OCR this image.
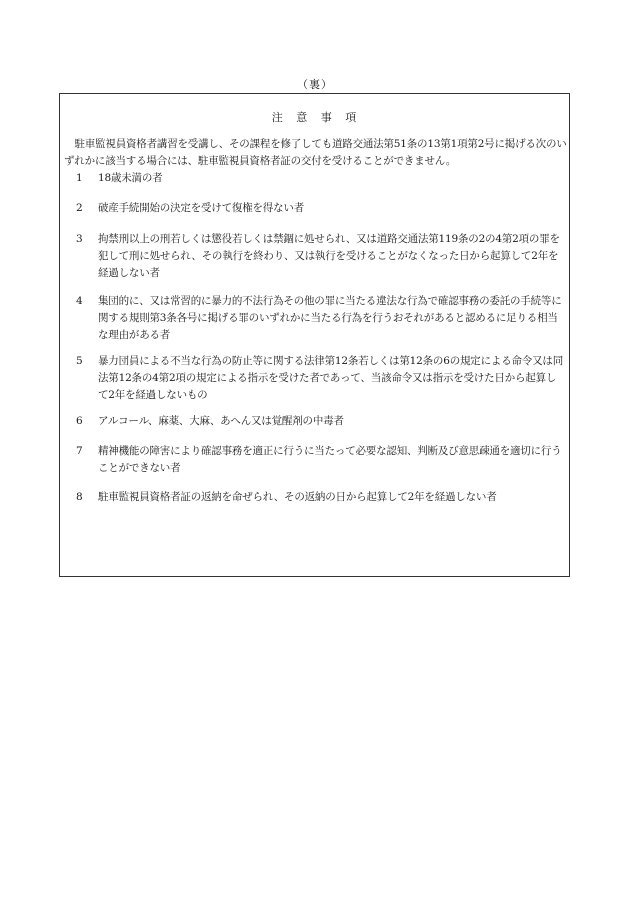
（裏）
注 意 事 項

駐車監視員資格者講習を受講し、その課程を修了しても道路交通法第51条の13第1項第2号に掲げる次のいずれかに該当する場合には、駐車監視員資格者証の交付を受けることができません。

1	18歳未満の者
2	破産手続開始の決定を受けて復権を得ない者
3	拘禁刑以上の刑若しくは懲役若しくは禁錮に処せられ、又は道路交通法第119条の2の4第2項の罪を犯して刑に処せられ、その執行を終わり、又は執行を受けることがなくなった日から起算して2年を経過しない者
4	集団的に、又は常習的に暴力的不法行為その他の罪に当たる違法な行為で確認事務の委託の手続等に関する規則第3条各号に掲げる罪のいずれかに当たる行為を行うおそれがあると認めるに足りる相当な理由がある者
5	暴力団員による不当な行為の防止等に関する法律第12条若しくは第12条の6の規定による命令又は同法第12条の4第2項の規定による指示を受けた者であって、当該命令又は指示を受けた日から起算して2年を経過しないもの
6	アルコール、麻薬、大麻、あへん又は覚醒剤の中毒者
7	精神機能の障害により確認事務を適正に行うに当たって必要な認知、判断及び意思疎通を適切に行うことができない者
8	駐車監視員資格者証の返納を命ぜられ、その返納の日から起算して2年を経過しない者
